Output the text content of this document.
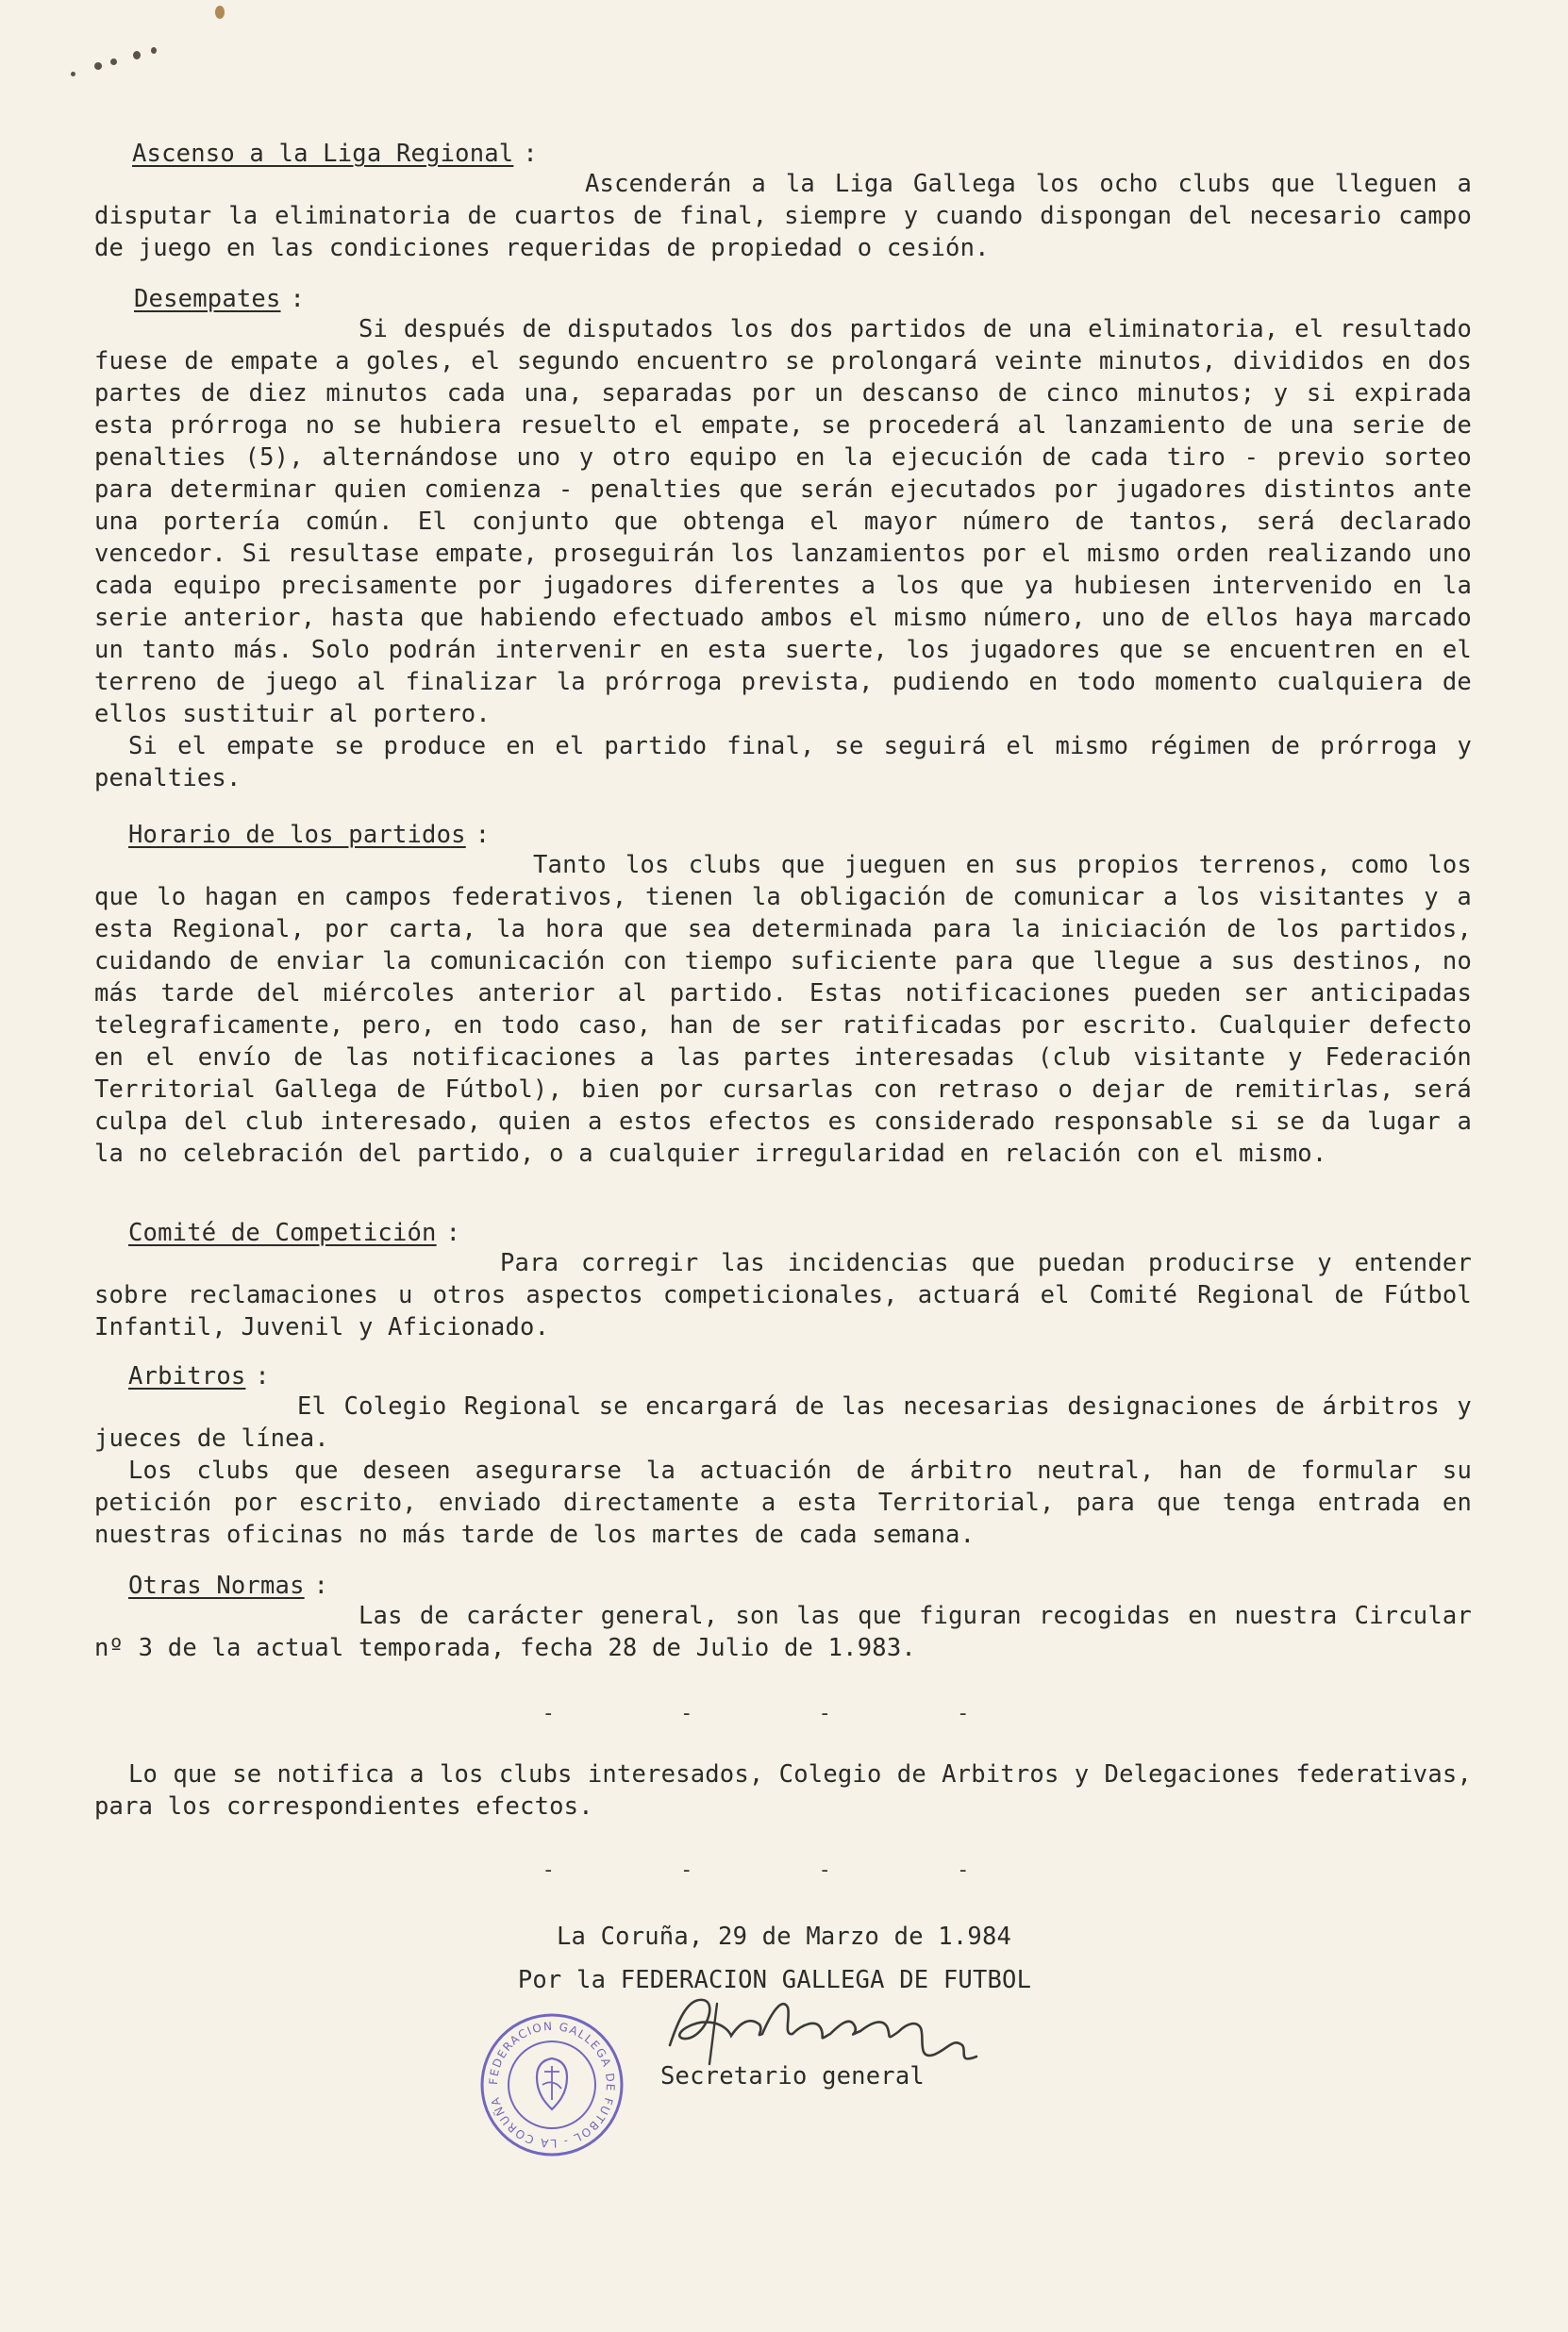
Ascenso a la Liga Regional :

Ascenderán a la Liga Gallega los ocho clubs que lleguen a disputar la eliminatoria de cuartos de final, siempre y cuando dispongan del necesario campo de juego en las condiciones requeridas de propiedad o cesión.

Desempates :

Si después de disputados los dos partidos de una eliminatoria, el resultado fuese de empate a goles, el segundo encuentro se prolongará veinte minutos, divididos en dos partes de diez minutos cada una, separadas por un descanso de cinco minutos; y si expirada esta prórroga no se hubiera resuelto el empate, se procederá al lanzamiento de una serie de penalties (5), alternándose uno y otro equipo en la ejecución de cada tiro - previo sorteo para determinar quien comienza - penalties que serán ejecutados por jugadores distintos ante una portería común. El conjunto que obtenga el mayor número de tantos, será declarado vencedor. Si resultase empate, proseguirán los lanzamientos por el mismo orden realizando uno cada equipo precisamente por jugadores diferentes a los que ya hubiesen intervenido en la serie anterior, hasta que habiendo efectuado ambos el mismo número, uno de ellos haya marcado un tanto más. Solo podrán intervenir en esta suerte, los jugadores que se encuentren en el terreno de juego al finalizar la prórroga prevista, pudiendo en todo momento cualquiera de ellos sustituir al portero.

Si el empate se produce en el partido final, se seguirá el mismo régimen de prórroga y penalties.

Horario de los partidos :

Tanto los clubs que jueguen en sus propios terrenos, como los que lo hagan en campos federativos, tienen la obligación de comunicar a los visitantes y a esta Regional, por carta, la hora que sea determinada para la iniciación de los partidos, cuidando de enviar la comunicación con tiempo suficiente para que llegue a sus destinos, no más tarde del miércoles anterior al partido. Estas notificaciones pueden ser anticipadas telegraficamente, pero, en todo caso, han de ser ratificadas por escrito. Cualquier defecto en el envío de las notificaciones a las partes interesadas (club visitante y Federación Territorial Gallega de Fútbol), bien por cursarlas con retraso o dejar de remitirlas, será culpa del club interesado, quien a estos efectos es considerado responsable si se da lugar a la no celebración del partido, o a cualquier irregularidad en relación con el mismo.

Comité de Competición :

Para corregir las incidencias que puedan producirse y entender sobre reclamaciones u otros aspectos competicionales, actuará el Comité Regional de Fútbol Infantil, Juvenil y Aficionado.

Arbitros :

El Colegio Regional se encargará de las necesarias designaciones de árbitros y jueces de línea.

Los clubs que deseen asegurarse la actuación de árbitro neutral, han de formular su petición por escrito, enviado directamente a esta Territorial, para que tenga entrada en nuestras oficinas no más tarde de los martes de cada semana.

Otras Normas :

Las de carácter general, son las que figuran recogidas en nuestra Circular nº 3 de la actual temporada, fecha 28 de Julio de 1.983.

- - - -

Lo que se notifica a los clubs interesados, Colegio de Arbitros y Delegaciones federativas, para los correspondientes efectos.

- - - -
La Coruña, 29 de Marzo de 1.984
Por la FEDERACION GALLEGA DE FUTBOL
FEDERACION GALLEGA DE FUTBOL - LA CORUÑA
Secretario general
